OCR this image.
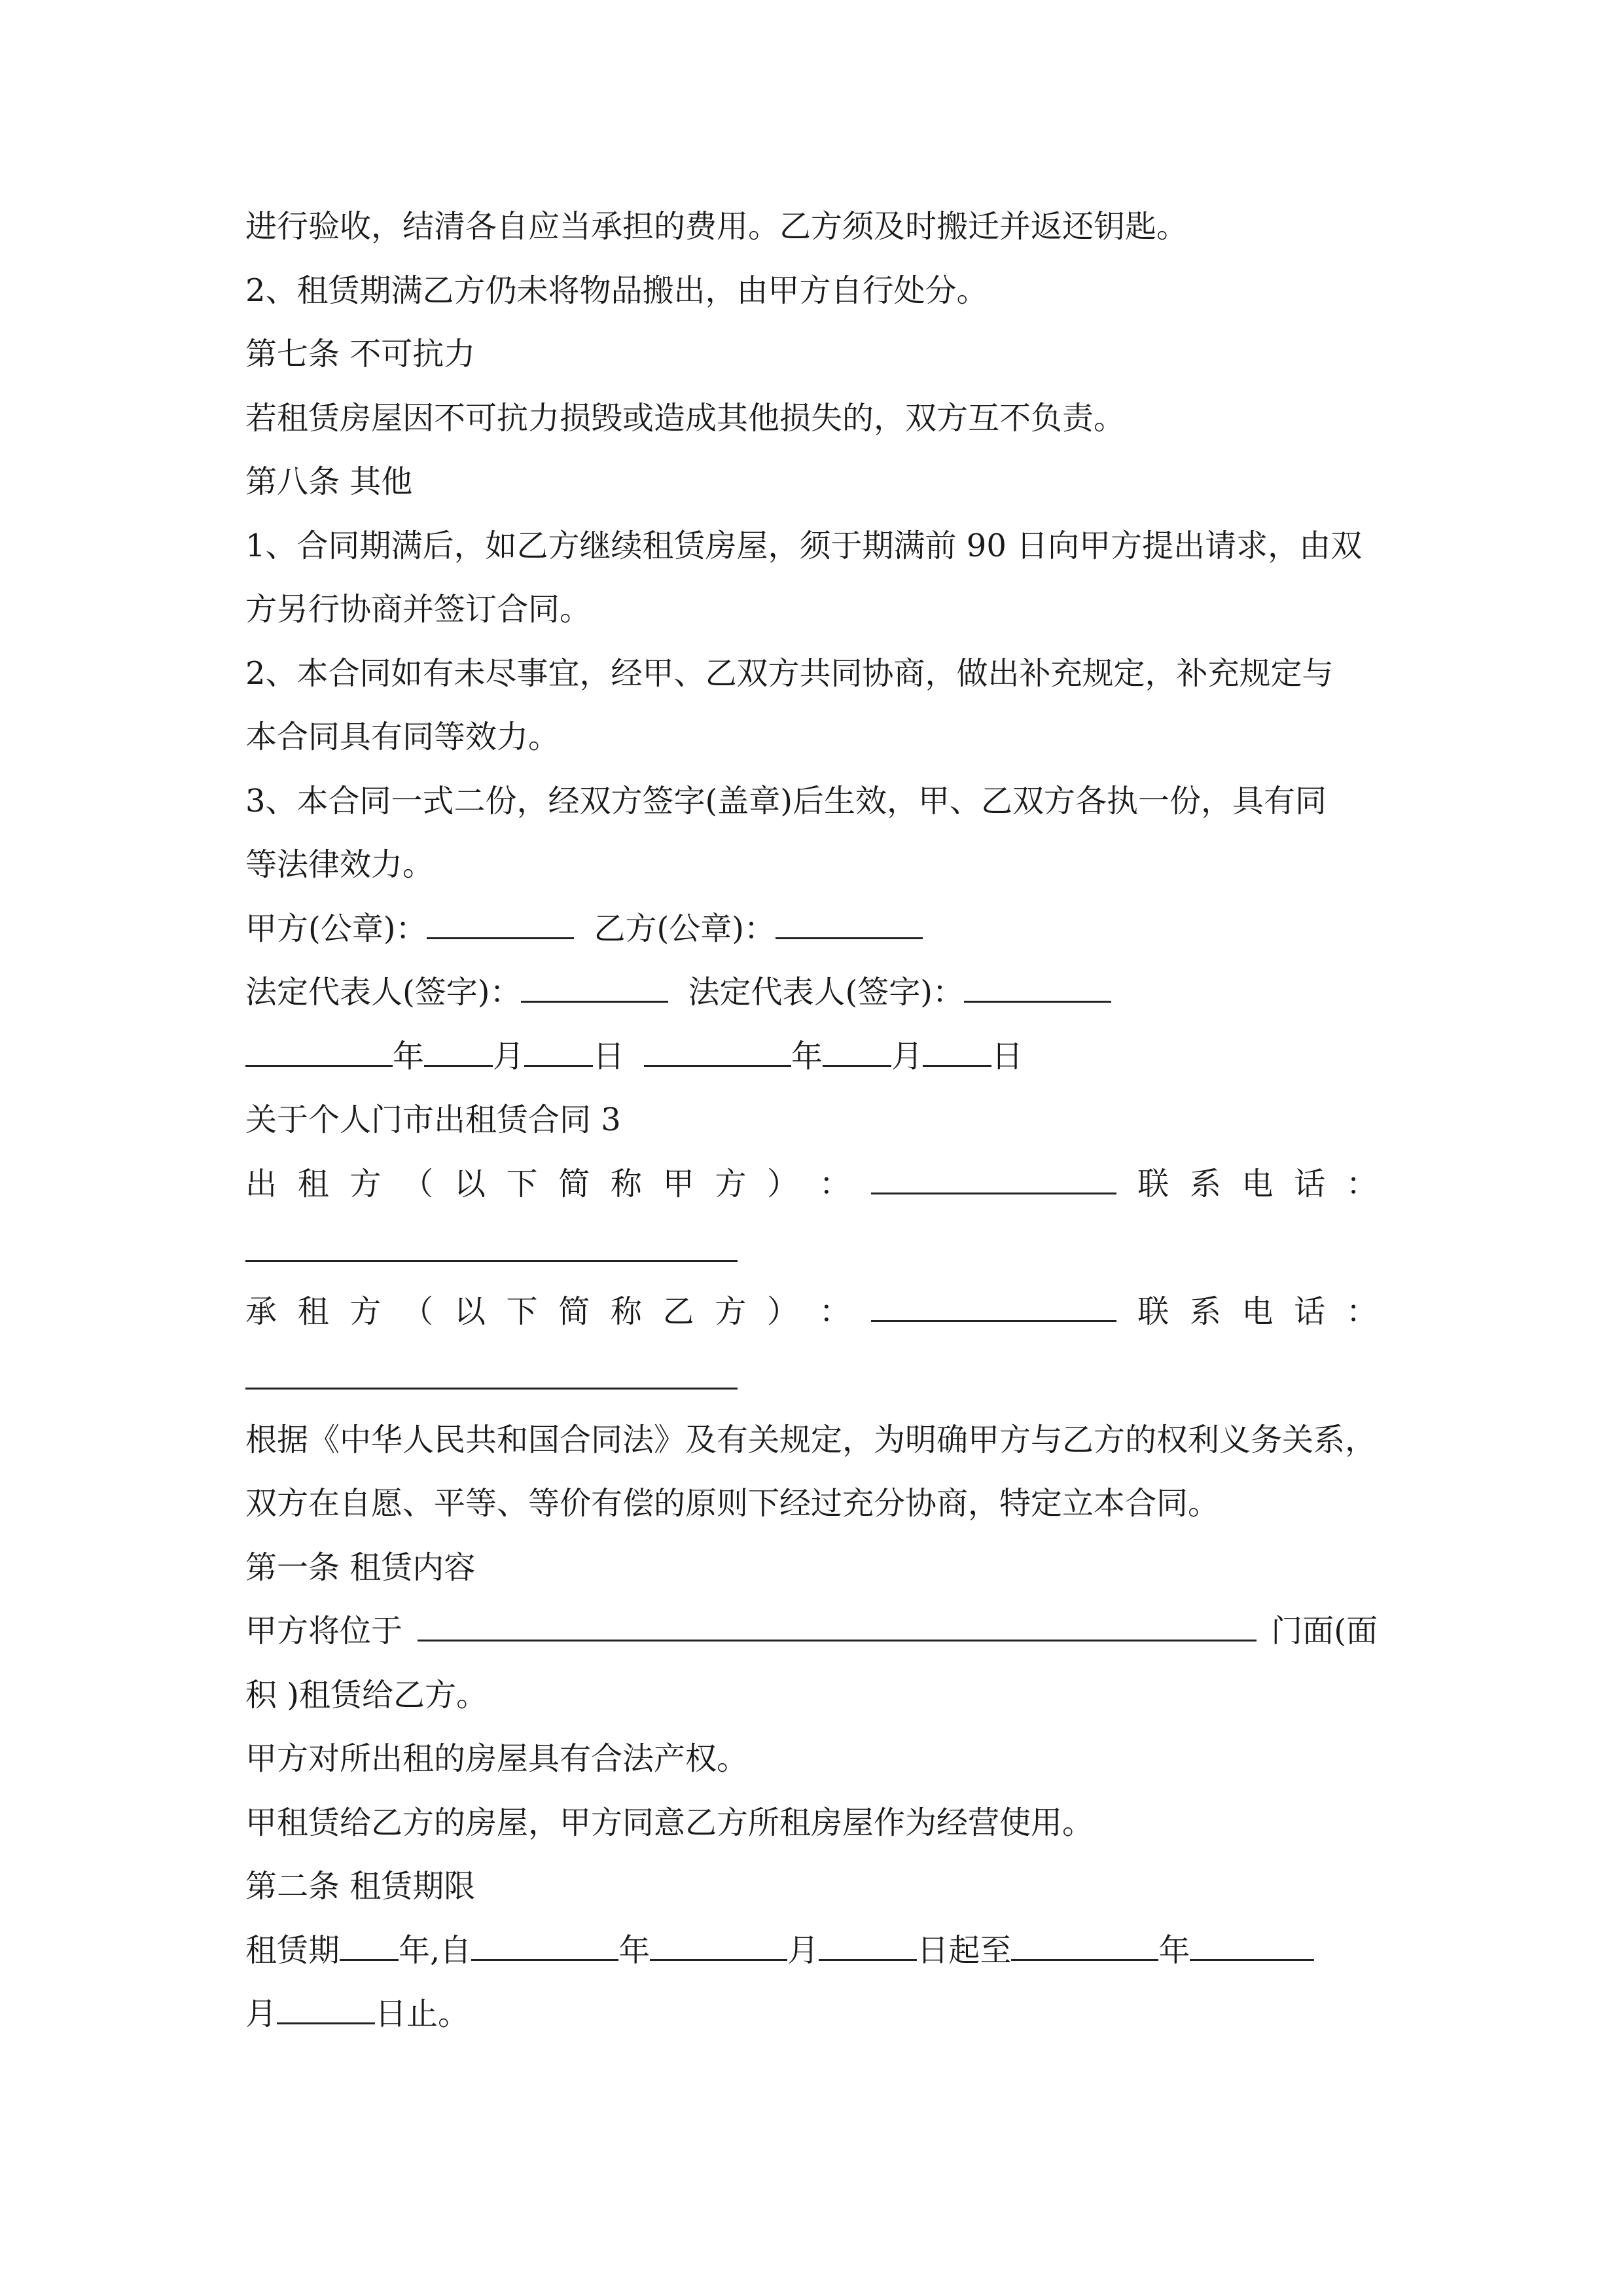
进行验收，结清各自应当承担的费用。乙方须及时搬迁并返还钥匙。
2、租赁期满乙方仍未将物品搬出，由甲方自行处分。
第七条 不可抗力
若租赁房屋因不可抗力损毁或造成其他损失的，双方互不负责。
第八条 其他
1、合同期满后，如乙方继续租赁房屋，须于期满前 90 日向甲方提出请求，由双
方另行协商并签订合同。
2、本合同如有未尽事宜，经甲、乙双方共同协商，做出补充规定，补充规定与
本合同具有同等效力。
3、本合同一式二份，经双方签字(盖章)后生效，甲、乙双方各执一份，具有同
等法律效力。
甲方(公章)：	乙方(公章)：
法定代表人(签字)：	法定代表人(签字)：
年 月 日	年 月 日
关于个人门市出租赁合同 3
出 租 方 （ 以 下 简 称 甲 方 ） ：	联 系 电 话 ：
承 租 方 （ 以 下 简 称 乙 方 ） ：	联 系 电 话 ：
根据《中华人民共和国合同法》及有关规定，为明确甲方与乙方的权利义务关系，
双方在自愿、平等、等价有偿的原则下经过充分协商，特定立本合同。
第一条 租赁内容
甲方将位于	门面(面
积 )租赁给乙方。
甲方对所出租的房屋具有合法产权。
甲租赁给乙方的房屋，甲方同意乙方所租房屋作为经营使用。
第二条 租赁期限
租赁期 年,自	年	月	日起至	年
月	日止。
